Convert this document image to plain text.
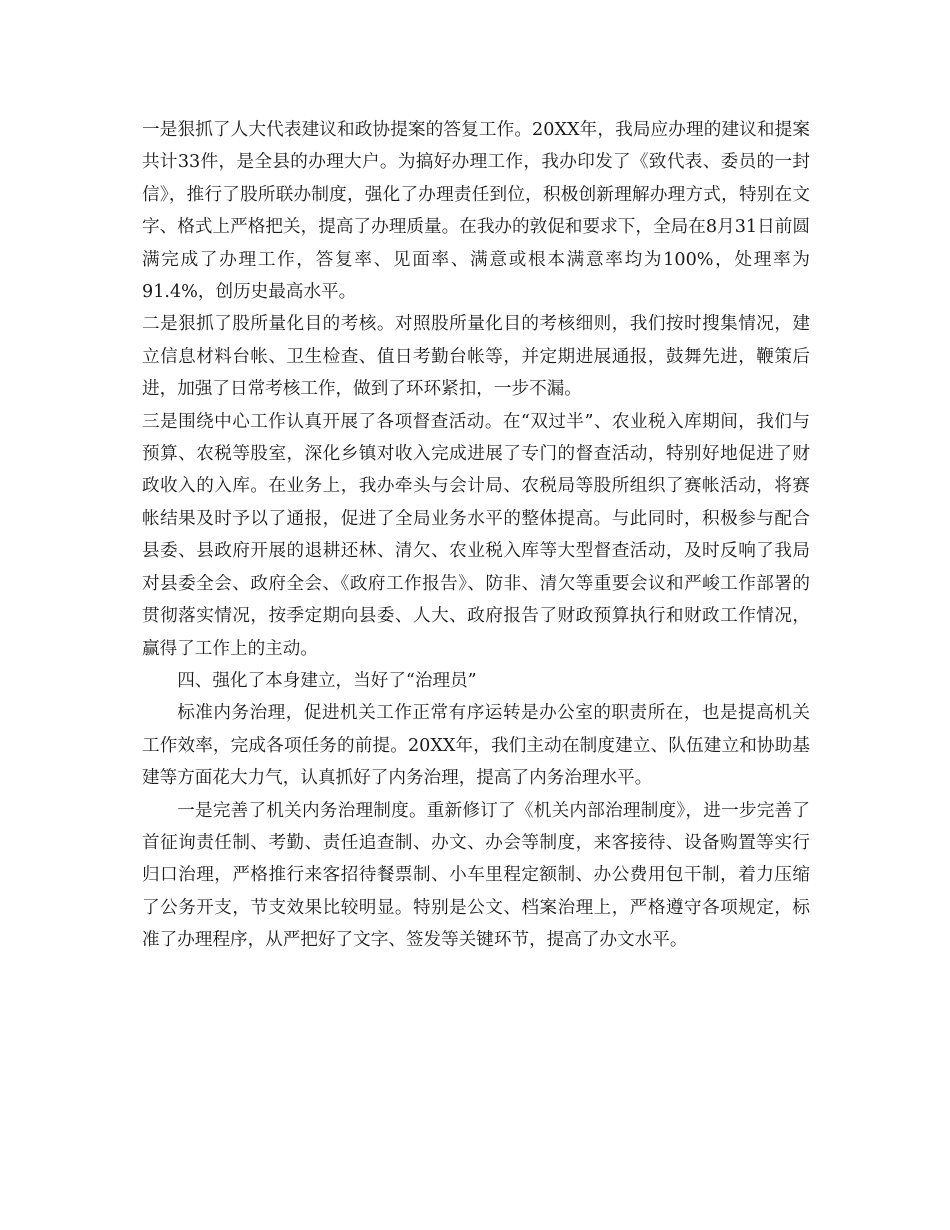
一是狠抓了人大代表建议和政协提案的答复工作。20XX年，我局应办理的建议和提案共计33件，是全县的办理大户。为搞好办理工作，我办印发了《致代表、委员的一封信》，推行了股所联办制度，强化了办理责任到位，积极创新理解办理方式，特别在文字、格式上严格把关，提高了办理质量。在我办的敦促和要求下，全局在8月31日前圆满完成了办理工作，答复率、见面率、满意或根本满意率均为100%，处理率为91.4%，创历史最高水平。

二是狠抓了股所量化目的考核。对照股所量化目的考核细则，我们按时搜集情况，建立信息材料台帐、卫生检查、值日考勤台帐等，并定期进展通报，鼓舞先进，鞭策后进，加强了日常考核工作，做到了环环紧扣，一步不漏。

三是围绕中心工作认真开展了各项督查活动。在“双过半”、农业税入库期间，我们与预算、农税等股室，深化乡镇对收入完成进展了专门的督查活动，特别好地促进了财政收入的入库。在业务上，我办牵头与会计局、农税局等股所组织了赛帐活动，将赛帐结果及时予以了通报，促进了全局业务水平的整体提高。与此同时，积极参与配合县委、县政府开展的退耕还林、清欠、农业税入库等大型督查活动，及时反响了我局对县委全会、政府全会、《政府工作报告》、防非、清欠等重要会议和严峻工作部署的贯彻落实情况，按季定期向县委、人大、政府报告了财政预算执行和财政工作情况，赢得了工作上的主动。

四、强化了本身建立，当好了“治理员”

标准内务治理，促进机关工作正常有序运转是办公室的职责所在，也是提高机关工作效率，完成各项任务的前提。20XX年，我们主动在制度建立、队伍建立和协助基建等方面花大力气，认真抓好了内务治理，提高了内务治理水平。

一是完善了机关内务治理制度。重新修订了《机关内部治理制度》，进一步完善了首征询责任制、考勤、责任追查制、办文、办会等制度，来客接待、设备购置等实行归口治理，严格推行来客招待餐票制、小车里程定额制、办公费用包干制，着力压缩了公务开支，节支效果比较明显。特别是公文、档案治理上，严格遵守各项规定，标准了办理程序，从严把好了文字、签发等关键环节，提高了办文水平。
